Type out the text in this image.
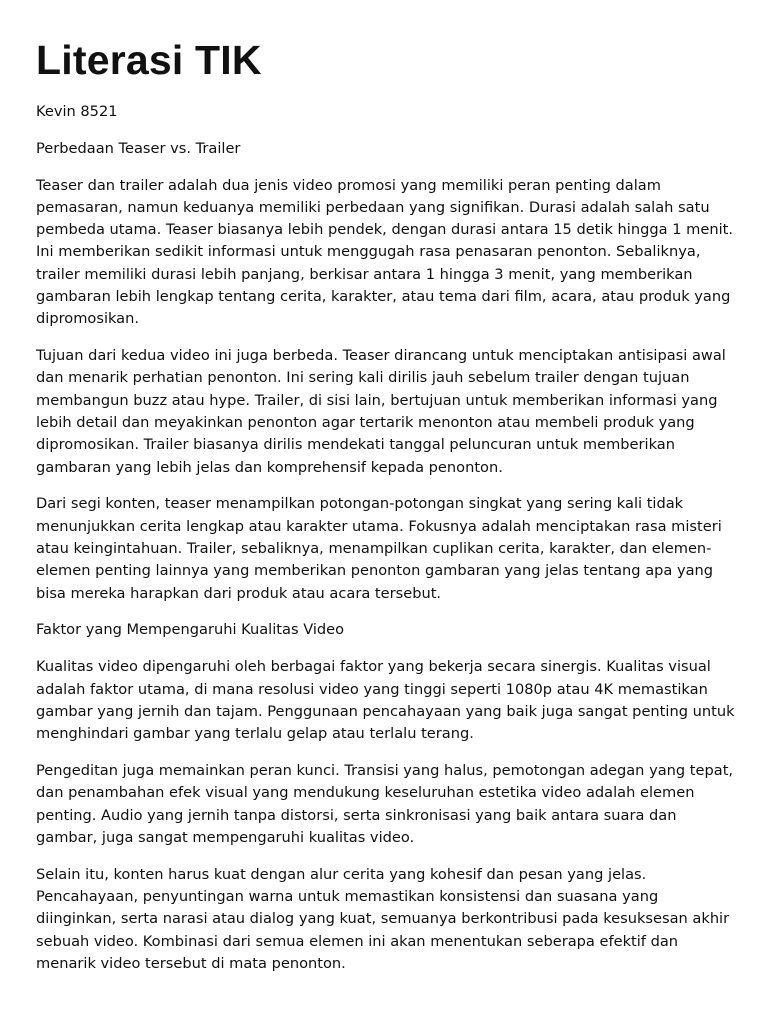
Literasi TIK

Kevin 8521

Perbedaan Teaser vs. Trailer

Teaser dan trailer adalah dua jenis video promosi yang memiliki peran penting dalam
pemasaran, namun keduanya memiliki perbedaan yang signifikan. Durasi adalah salah satu
pembeda utama. Teaser biasanya lebih pendek, dengan durasi antara 15 detik hingga 1 menit.
Ini memberikan sedikit informasi untuk menggugah rasa penasaran penonton. Sebaliknya,
trailer memiliki durasi lebih panjang, berkisar antara 1 hingga 3 menit, yang memberikan
gambaran lebih lengkap tentang cerita, karakter, atau tema dari film, acara, atau produk yang
dipromosikan.

Tujuan dari kedua video ini juga berbeda. Teaser dirancang untuk menciptakan antisipasi awal
dan menarik perhatian penonton. Ini sering kali dirilis jauh sebelum trailer dengan tujuan
membangun buzz atau hype. Trailer, di sisi lain, bertujuan untuk memberikan informasi yang
lebih detail dan meyakinkan penonton agar tertarik menonton atau membeli produk yang
dipromosikan. Trailer biasanya dirilis mendekati tanggal peluncuran untuk memberikan
gambaran yang lebih jelas dan komprehensif kepada penonton.

Dari segi konten, teaser menampilkan potongan-potongan singkat yang sering kali tidak
menunjukkan cerita lengkap atau karakter utama. Fokusnya adalah menciptakan rasa misteri
atau keingintahuan. Trailer, sebaliknya, menampilkan cuplikan cerita, karakter, dan elemen-
elemen penting lainnya yang memberikan penonton gambaran yang jelas tentang apa yang
bisa mereka harapkan dari produk atau acara tersebut.

Faktor yang Mempengaruhi Kualitas Video

Kualitas video dipengaruhi oleh berbagai faktor yang bekerja secara sinergis. Kualitas visual
adalah faktor utama, di mana resolusi video yang tinggi seperti 1080p atau 4K memastikan
gambar yang jernih dan tajam. Penggunaan pencahayaan yang baik juga sangat penting untuk
menghindari gambar yang terlalu gelap atau terlalu terang.

Pengeditan juga memainkan peran kunci. Transisi yang halus, pemotongan adegan yang tepat,
dan penambahan efek visual yang mendukung keseluruhan estetika video adalah elemen
penting. Audio yang jernih tanpa distorsi, serta sinkronisasi yang baik antara suara dan
gambar, juga sangat mempengaruhi kualitas video.

Selain itu, konten harus kuat dengan alur cerita yang kohesif dan pesan yang jelas.
Pencahayaan, penyuntingan warna untuk memastikan konsistensi dan suasana yang
diinginkan, serta narasi atau dialog yang kuat, semuanya berkontribusi pada kesuksesan akhir
sebuah video. Kombinasi dari semua elemen ini akan menentukan seberapa efektif dan
menarik video tersebut di mata penonton.
